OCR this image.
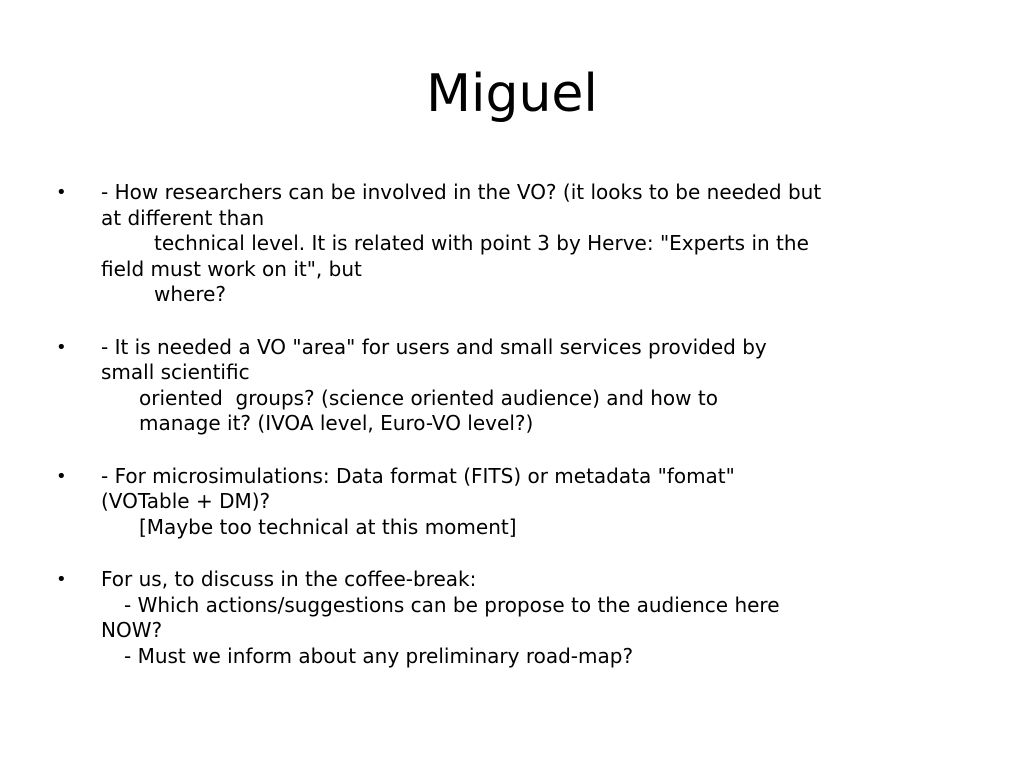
Miguel
•	- How researchers can be involved in the VO? (it looks to be needed but
at different than
technical level. It is related with point 3 by Herve: "Experts in the
field must work on it", but
where?
•	- It is needed a VO "area" for users and small services provided by
small scientific
oriented  groups? (science oriented audience) and how to
manage it? (IVOA level, Euro-VO level?)
•	- For microsimulations: Data format (FITS) or metadata "fomat"
(VOTable + DM)?
[Maybe too technical at this moment]
•	For us, to discuss in the coffee-break:
- Which actions/suggestions can be propose to the audience here
NOW?
- Must we inform about any preliminary road-map?
